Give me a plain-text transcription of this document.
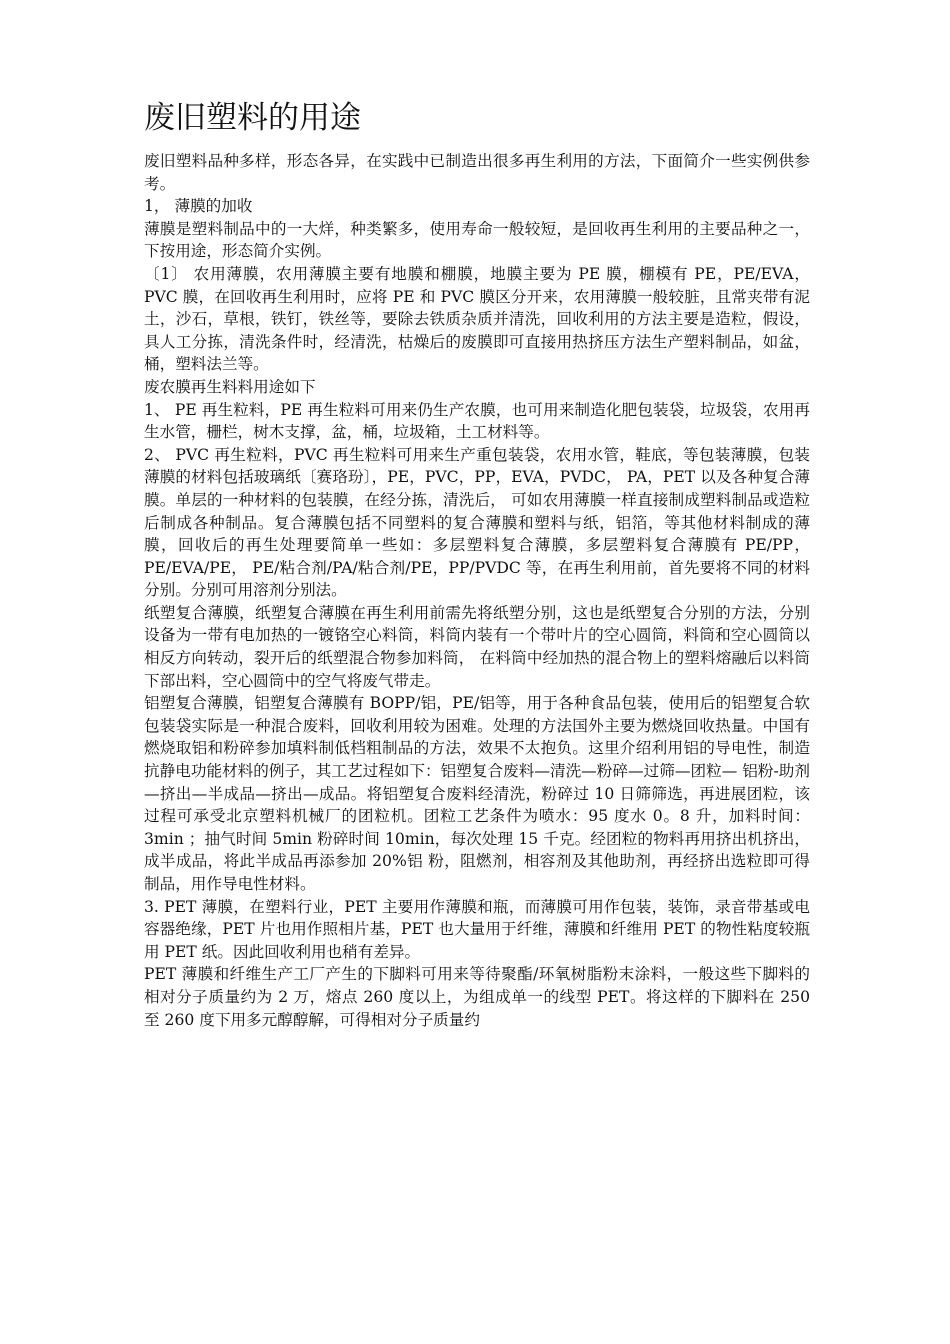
废旧塑料的用途

废旧塑料品种多样，形态各异，在实践中已制造出很多再生利用的方法，下面简介一些实例供参考。

1， 薄膜的加收

薄膜是塑料制品中的一大烊，种类繁多，使用寿命一般较短，是回收再生利用的主要品种之一，下按用途，形态简介实例。

〔1〕 农用薄膜，农用薄膜主要有地膜和棚膜，地膜主要为 PE 膜，棚模有 PE，PE/EVA，PVC 膜，在回收再生利用时，应将 PE 和 PVC 膜区分开来，农用薄膜一般较脏，且常夹带有泥土，沙石，草根，铁钉，铁丝等，要除去铁质杂质并清洗，回收利用的方法主要是造粒，假设，具人工分拣，清洗条件时，经清洗，枯燥后的废膜即可直接用热挤压方法生产塑料制品，如盆，桶，塑料法兰等。

废农膜再生料料用途如下

1、 PE 再生粒料，PE 再生粒料可用来仍生产农膜，也可用来制造化肥包装袋，垃圾袋，农用再生水管，栅栏，树木支撑，盆，桶，垃圾箱，土工材料等。

2、 PVC 再生粒料，PVC 再生粒料可用来生产重包装袋，农用水管，鞋底，等包装薄膜，包装薄膜的材料包括玻璃纸〔赛珞玢〕，PE，PVC，PP，EVA，PVDC， PA，PET 以及各种复合薄膜。单层的一种材料的包装膜，在经分拣，清洗后， 可如农用薄膜一样直接制成塑料制品或造粒后制成各种制品。复合薄膜包括不同塑料的复合薄膜和塑料与纸，铝箔，等其他材料制成的薄膜，回收后的再生处理要简单一些如：多层塑料复合薄膜，多层塑料复合薄膜有 PE/PP，PE/EVA/PE， PE/粘合剂/PA/粘合剂/PE，PP/PVDC 等，在再生利用前，首先要将不同的材料分别。分别可用溶剂分别法。

纸塑复合薄膜，纸塑复合薄膜在再生利用前需先将纸塑分别，这也是纸塑复合分别的方法，分别设备为一带有电加热的一镀铬空心料筒，料筒内装有一个带叶片的空心圆筒，料筒和空心圆筒以相反方向转动，裂开后的纸塑混合物参加料筒， 在料筒中经加热的混合物上的塑料熔融后以料筒下部出料，空心圆筒中的空气将废气带走。

铝塑复合薄膜，铝塑复合薄膜有 BOPP/铝，PE/铝等，用于各种食品包装，使用后的铝塑复合软包装袋实际是一种混合废料，回收利用较为困难。处理的方法国外主要为燃烧回收热量。中国有燃烧取铝和粉碎参加填料制低档粗制品的方法，效果不太抱负。这里介绍利用铝的导电性，制造抗静电功能材料的例子，其工艺过程如下：铝塑复合废料—清洗—粉碎—过筛—团粒— 铝粉-助剂—挤出—半成品—挤出—成品。将铝塑复合废料经清洗，粉碎过 10 日筛筛选，再进展团粒，该过程可承受北京塑料机械厂的团粒机。团粒工艺条件为喷水：95 度水 0。8 升，加料时间：3min ；抽气时间 5min 粉碎时间 10min，每次处理 15 千克。经团粒的物料再用挤出机挤出，成半成品，将此半成品再添参加 20%铝 粉，阻燃剂，相容剂及其他助剂，再经挤出选粒即可得制品，用作导电性材料。

3. PET 薄膜，在塑料行业，PET 主要用作薄膜和瓶，而薄膜可用作包装，装饰，录音带基或电容器绝缘，PET 片也用作照相片基，PET 也大量用于纤维，薄膜和纤维用 PET 的物性粘度较瓶用 PET 纸。因此回收利用也稍有差异。

PET 薄膜和纤维生产工厂产生的下脚料可用来等待聚酯/环氧树脂粉末涂料，一般这些下脚料的相对分子质量约为 2 万，熔点 260 度以上，为组成单一的线型 PET。将这样的下脚料在 250 至 260 度下用多元醇醇解，可得相对分子质量约
